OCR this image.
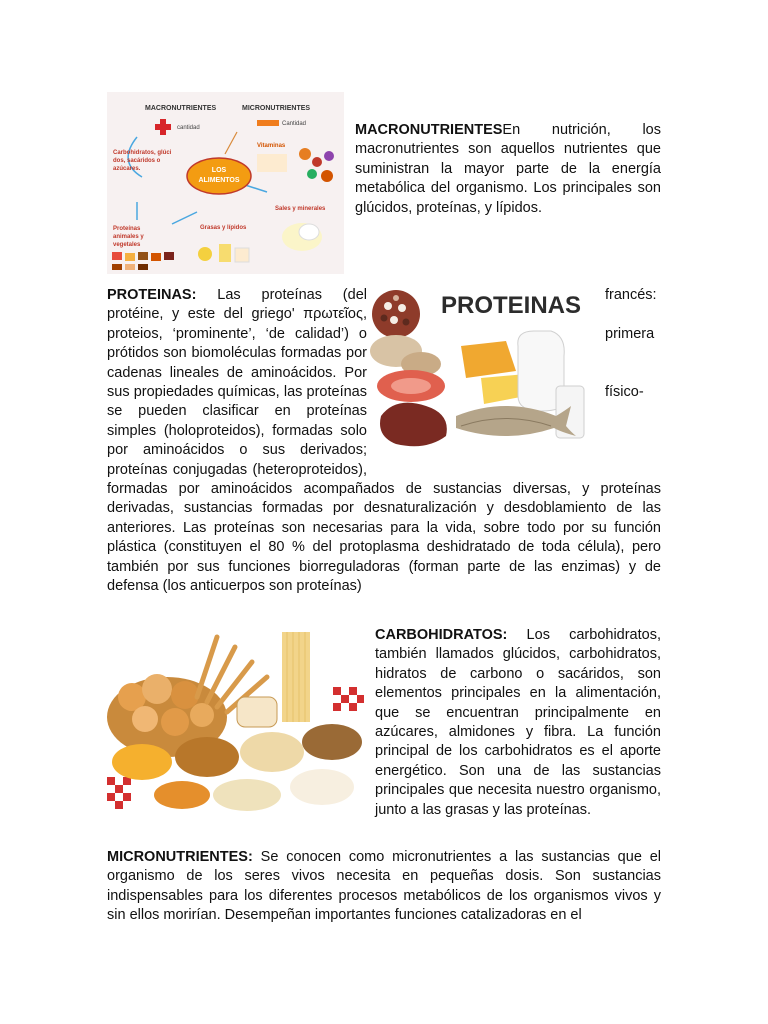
MACRONUTRIENTES	MICRONUTRIENTES
cantidad
Cantidad
Carbohidratos, glúci dos, sacáridos o azúcares.	LOS
ALIMENTOS
Vitaminas
Sales y minerales
Proteínas animales y vegetales
Grasas y lípidos

MACRONUTRIENTESEn nutrición, los macronutrientes son aquellos nutrientes que suministran la mayor parte de la energía metabólica del organismo. Los principales son glúcidos, proteínas, y lípidos.

PROTEINAS francés:
primera
físico-

PROTEINAS: Las proteínas (del protéine, y este del griego' πρωτεῖος, proteios, ‘prominente’, ‘de calidad’) o prótidos son biomoléculas formadas por cadenas lineales de aminoácidos. Por sus propiedades químicas, las proteínas se pueden clasificar en proteínas simples (holoproteidos), formadas solo por aminoácidos o sus derivados; proteínas conjugadas (heteroproteidos), formadas por aminoácidos acompañados de sustancias diversas, y proteínas derivadas, sustancias formadas por desnaturalización y desdoblamiento de las anteriores. Las proteínas son necesarias para la vida, sobre todo por su función plástica (constituyen el 80 % del protoplasma deshidratado de toda célula), pero también por sus funciones biorreguladoras (forman parte de las enzimas) y de defensa (los anticuerpos son proteínas)

CARBOHIDRATOS: Los carbohidratos, también llamados glúcidos, carbohidratos, hidratos de carbono o sacáridos, son elementos principales en la alimentación, que se encuentran principalmente en azúcares, almidones y fibra. La función principal de los carbohidratos es el aporte energético. Son una de las sustancias principales que necesita nuestro organismo, junto a las grasas y las proteínas.

MICRONUTRIENTES: Se conocen como micronutrientes a las sustancias que el organismo de los seres vivos necesita en pequeñas dosis. Son sustancias indispensables para los diferentes procesos metabólicos de los organismos vivos y sin ellos morirían. Desempeñan importantes funciones catalizadoras en el
